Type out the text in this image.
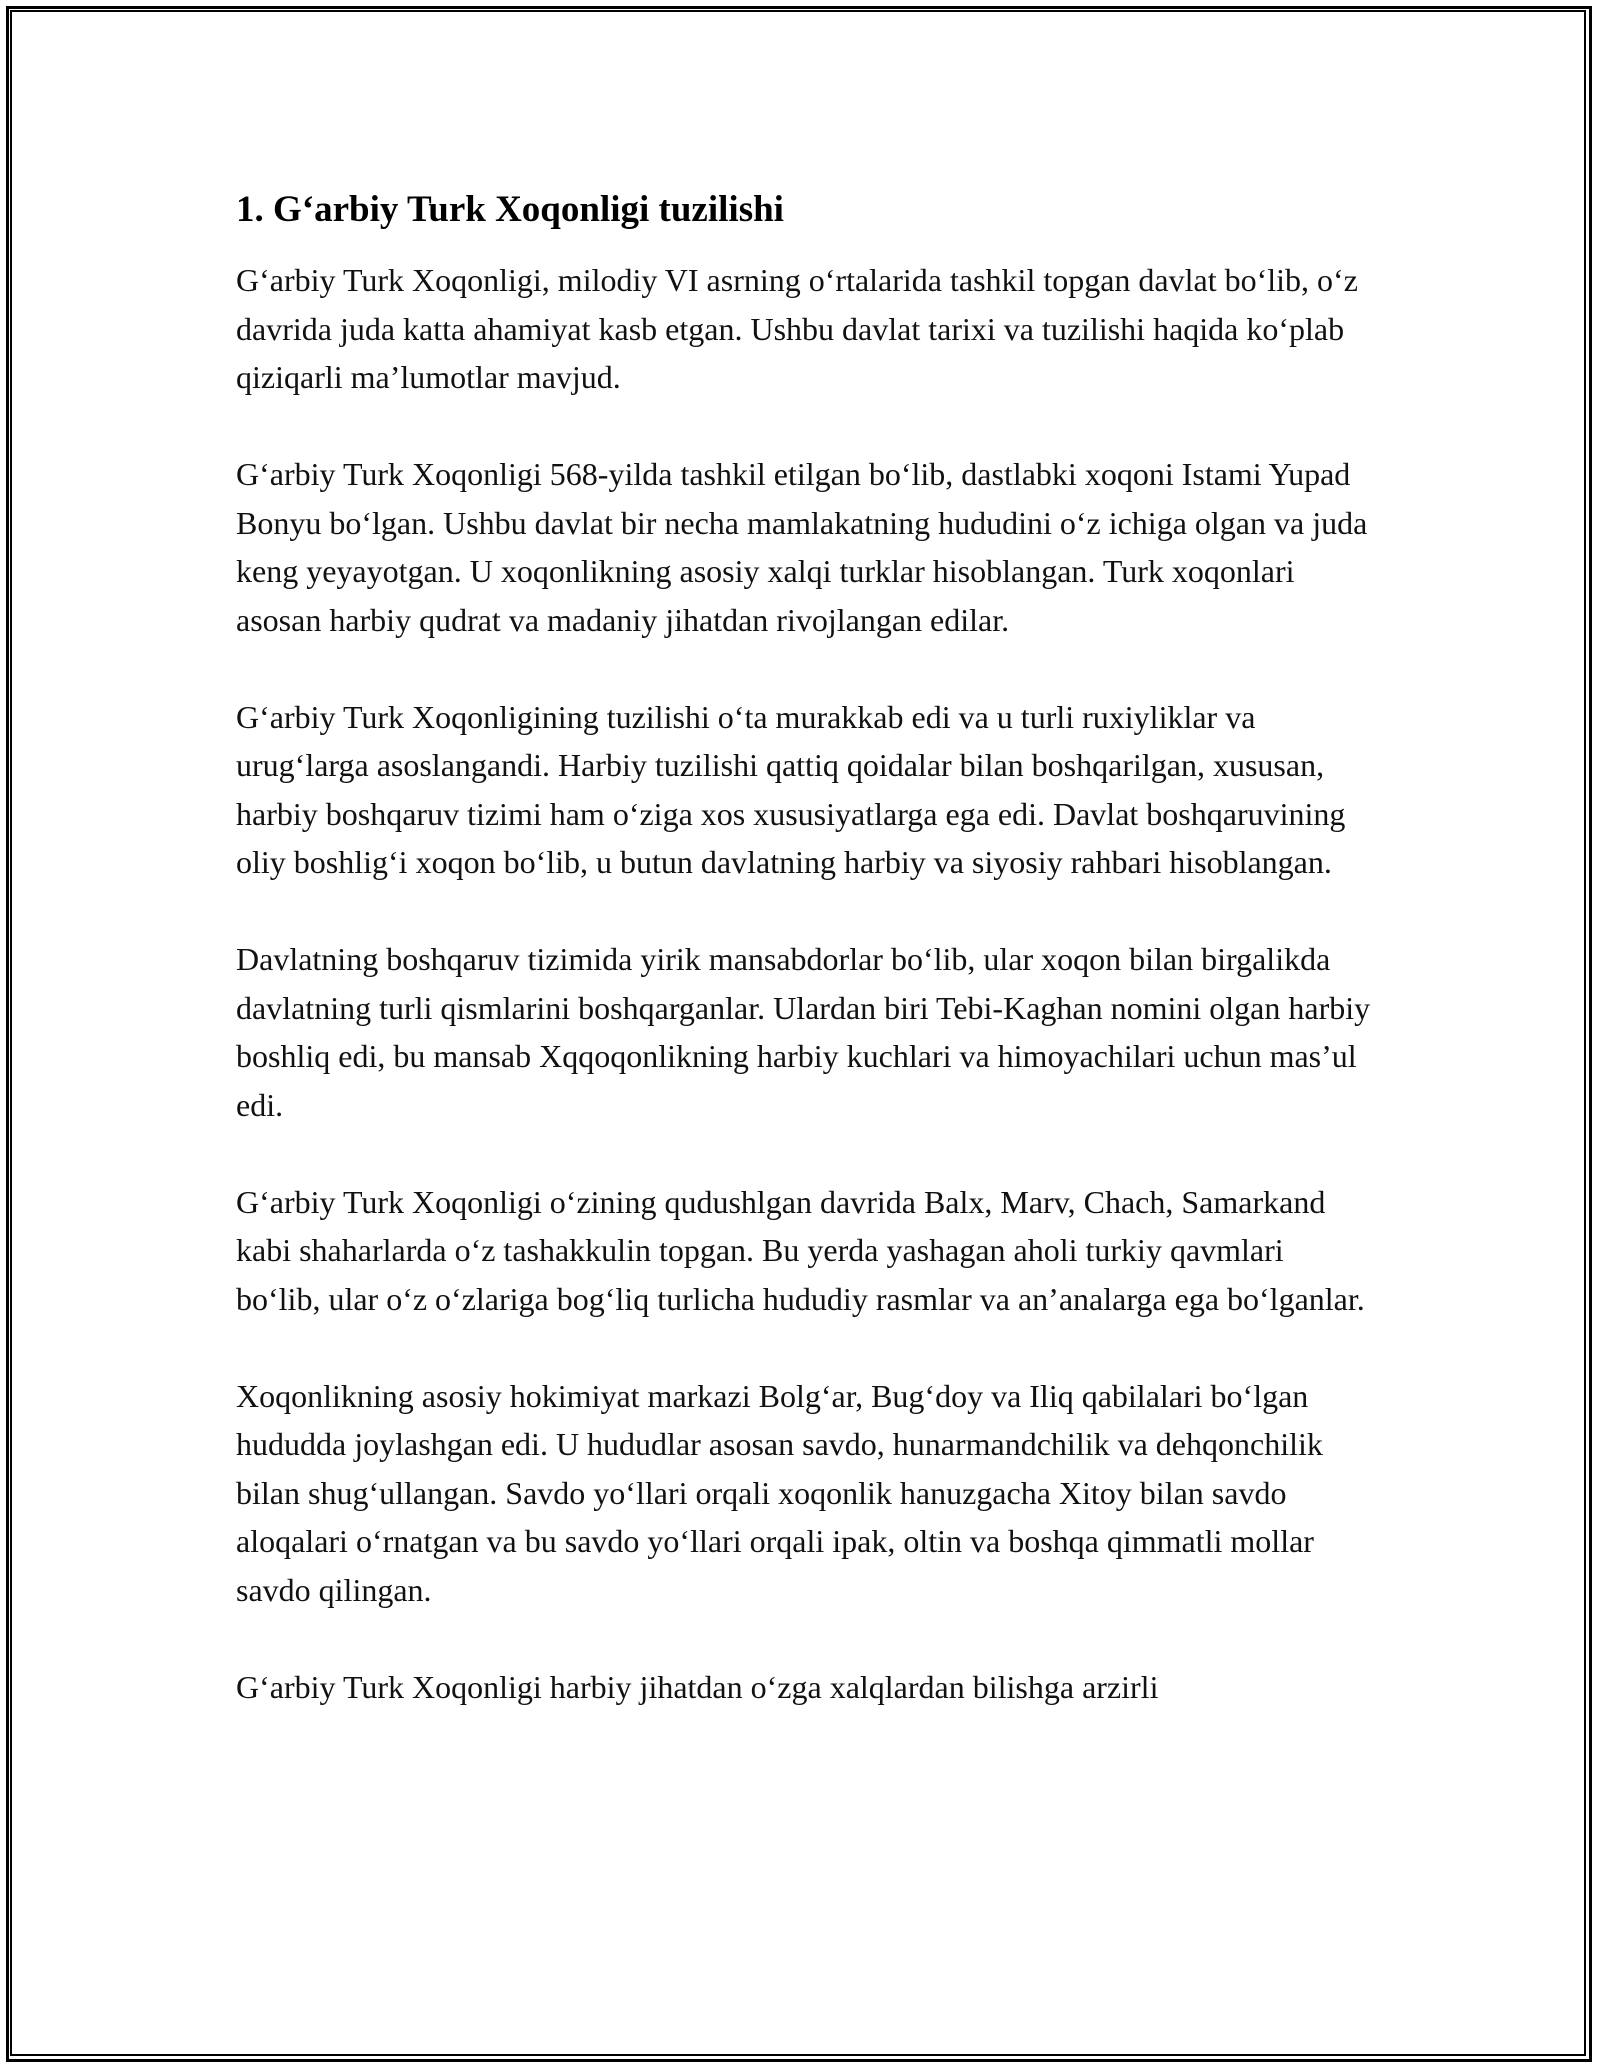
1. G‘arbiy Turk Xoqonligi tuzilishi

G‘arbiy Turk Xoqonligi, milodiy VI asrning o‘rtalarida tashkil topgan davlat bo‘lib, o‘z davrida juda katta ahamiyat kasb etgan. Ushbu davlat tarixi va tuzilishi haqida ko‘plab qiziqarli ma’lumotlar mavjud.

G‘arbiy Turk Xoqonligi 568-yilda tashkil etilgan bo‘lib, dastlabki xoqoni Istami Yupad Bonyu bo‘lgan. Ushbu davlat bir necha mamlakatning hududini o‘z ichiga olgan va juda keng yeyayotgan. U xoqonlikning asosiy xalqi turklar hisoblangan. Turk xoqonlari asosan harbiy qudrat va madaniy jihatdan rivojlangan edilar.

G‘arbiy Turk Xoqonligining tuzilishi o‘ta murakkab edi va u turli ruxiyliklar va urug‘larga asoslangandi. Harbiy tuzilishi qattiq qoidalar bilan boshqarilgan, xususan, harbiy boshqaruv tizimi ham o‘ziga xos xususiyatlarga ega edi. Davlat boshqaruvining oliy boshlig‘i xoqon bo‘lib, u butun davlatning harbiy va siyosiy rahbari hisoblangan.

Davlatning boshqaruv tizimida yirik mansabdorlar bo‘lib, ular xoqon bilan birgalikda davlatning turli qismlarini boshqarganlar. Ulardan biri Tebi-Kaghan nomini olgan harbiy boshliq edi, bu mansab Xqqoqonlikning harbiy kuchlari va himoyachilari uchun mas’ul edi.

G‘arbiy Turk Xoqonligi o‘zining qudushlgan davrida Balx, Marv, Chach, Samarkand kabi shaharlarda o‘z tashakkulin topgan. Bu yerda yashagan aholi turkiy qavmlari bo‘lib, ular o‘z o‘zlariga bog‘liq turlicha hududiy rasmlar va an’analarga ega bo‘lganlar.

Xoqonlikning asosiy hokimiyat markazi Bolg‘ar, Bug‘doy va Iliq qabilalari bo‘lgan hududda joylashgan edi. U hududlar asosan savdo, hunarmandchilik va dehqonchilik bilan shug‘ullangan. Savdo yo‘llari orqali xoqonlik hanuzgacha Xitoy bilan savdo aloqalari o‘rnatgan va bu savdo yo‘llari orqali ipak, oltin va boshqa qimmatli mollar savdo qilingan.

G‘arbiy Turk Xoqonligi harbiy jihatdan o‘zga xalqlardan bilishga arzirli
